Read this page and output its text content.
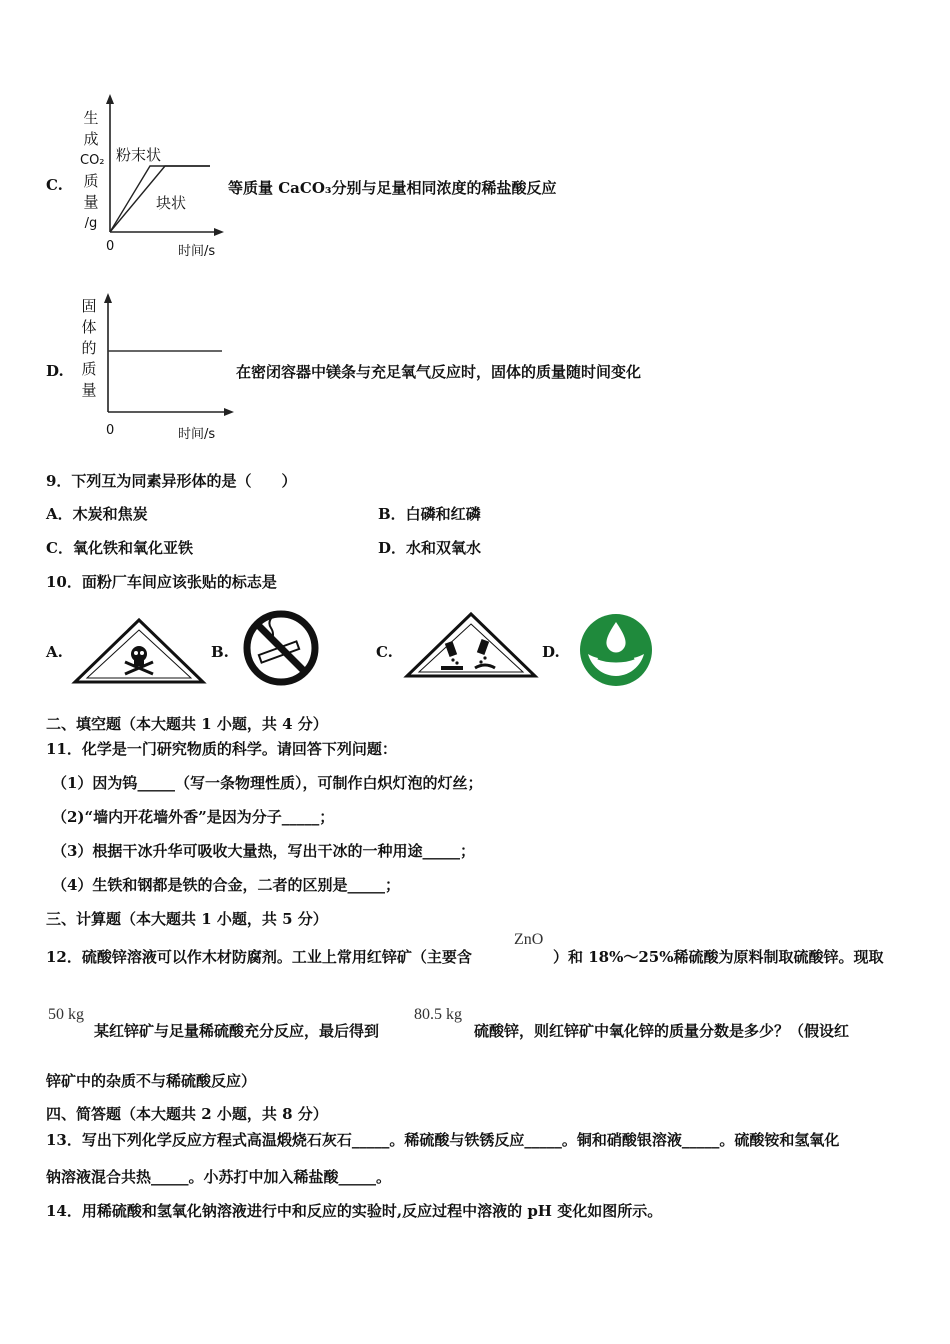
C.
生
成
CO₂
质
量
/g
粉末状
块状
0	时间/s
等质量 CaCO₃分别与足量相同浓度的稀盐酸反应
D.
固
体
的
质
量
0	时间/s
在密闭容器中镁条与充足氧气反应时，固体的质量随时间变化
9．下列互为同素异形体的是（　　）
A．木炭和焦炭	B．白磷和红磷
C．氧化铁和氧化亚铁	D．水和双氧水
10．面粉厂车间应该张贴的标志是
A.	B.	C.	D.
二、填空题（本大题共 1 小题，共 4 分）
11．化学是一门研究物质的科学。请回答下列问题：
（1）因为钨_____（写一条物理性质），可制作白炽灯泡的灯丝；
（2)“墙内开花墙外香”是因为分子_____；
（3）根据干冰升华可吸收大量热，写出干冰的一种用途_____；
（4）生铁和钢都是铁的合金，二者的区别是_____；
三、计算题（本大题共 1 小题，共 5 分）
12．硫酸锌溶液可以作木材防腐剂。工业上常用红锌矿（主要含
ZnO
）和 18%～25%稀硫酸为原料制取硫酸锌。现取
50 kg
某红锌矿与足量稀硫酸充分反应，最后得到
80.5 kg
硫酸锌，则红锌矿中氧化锌的质量分数是多少？（假设红
锌矿中的杂质不与稀硫酸反应）
四、简答题（本大题共 2 小题，共 8 分）
13．写出下列化学反应方程式高温煅烧石灰石_____。稀硫酸与铁锈反应_____。铜和硝酸银溶液_____。硫酸铵和氢氧化
钠溶液混合共热_____。小苏打中加入稀盐酸_____。
14．用稀硫酸和氢氧化钠溶液进行中和反应的实验时,反应过程中溶液的 pH 变化如图所示。
